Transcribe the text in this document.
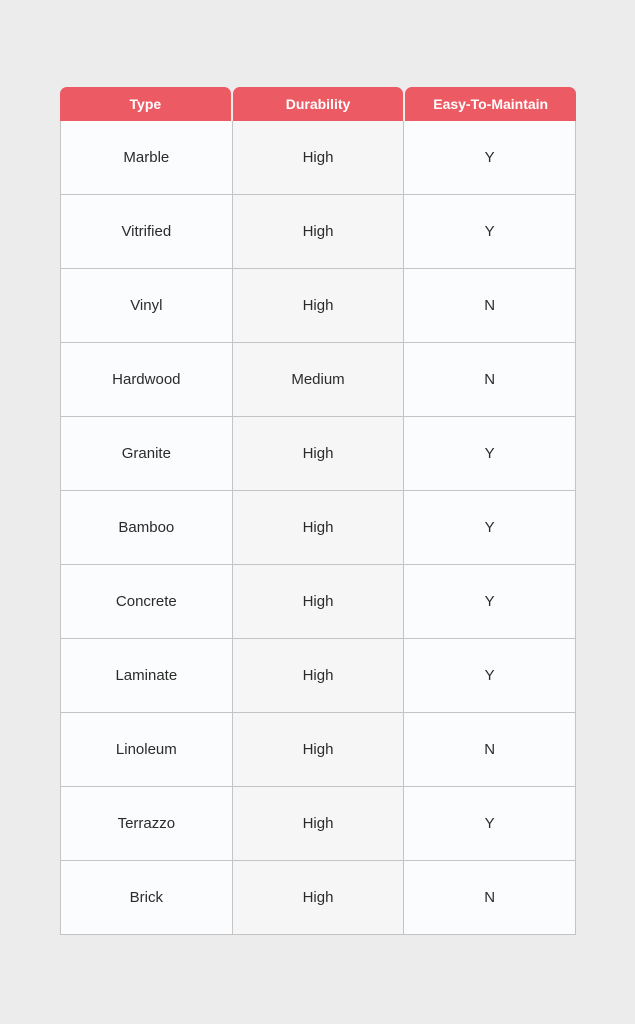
Type	Durability	Easy-To-Maintain
Marble	High	Y
Vitrified	High	Y
Vinyl	High	N
Hardwood	Medium	N
Granite	High	Y
Bamboo	High	Y
Concrete	High	Y
Laminate	High	Y
Linoleum	High	N
Terrazzo	High	Y
Brick	High	N
